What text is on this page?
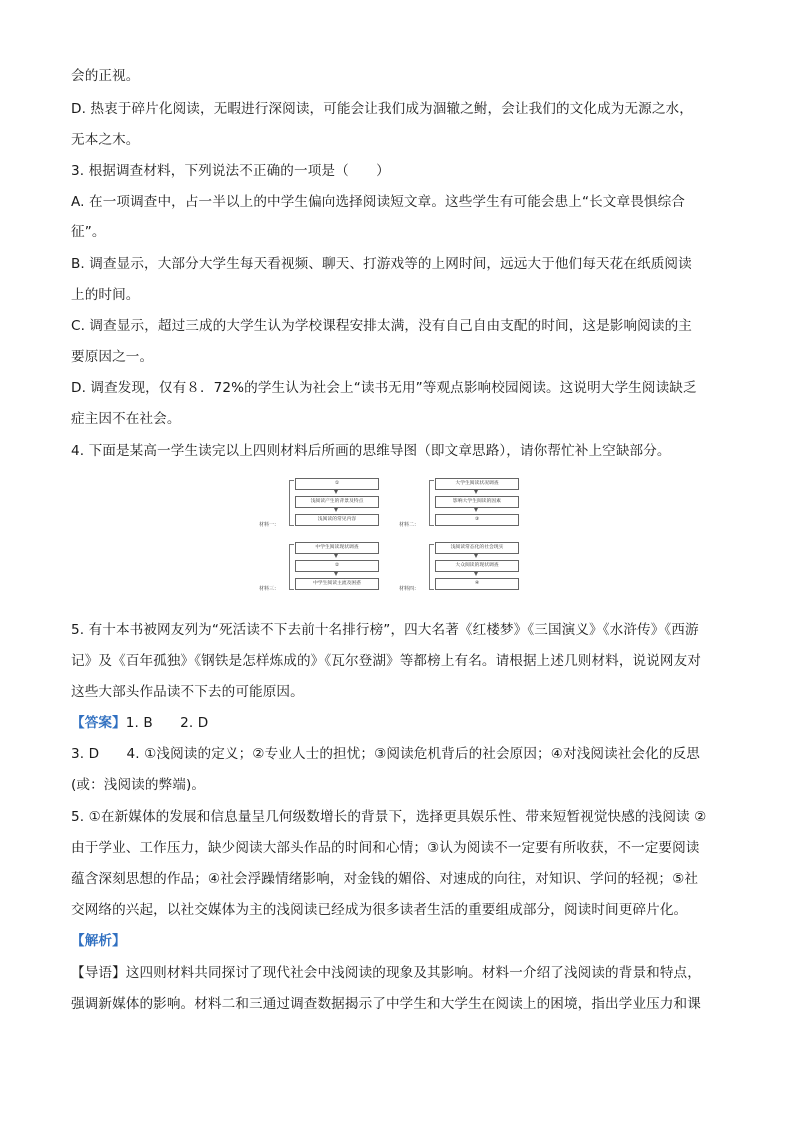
会的正视。
D. 热衷于碎片化阅读，无暇进行深阅读，可能会让我们成为涸辙之鲋，会让我们的文化成为无源之水，
无本之木。
3. 根据调查材料，下列说法不正确的一项是（　　）
A. 在一项调查中，占一半以上的中学生偏向选择阅读短文章。这些学生有可能会患上“长文章畏惧综合
征”。
B. 调查显示，大部分大学生每天看视频、聊天、打游戏等的上网时间，远远大于他们每天花在纸质阅读
上的时间。
C. 调查显示，超过三成的大学生认为学校课程安排太满，没有自己自由支配的时间，这是影响阅读的主
要原因之一。
D. 调查发现，仅有８．72%的学生认为社会上“读书无用”等观点影响校园阅读。这说明大学生阅读缺乏
症主因不在社会。
4. 下面是某高一学生读完以上四则材料后所画的思维导图（即文章思路），请你帮忙补上空缺部分。
①
浅阅读产生的背景及特点
浅阅读的常见内容
材料一：
中学生阅读现状调查
②
中学生阅读主流及困惑
材料三：
大学生阅读状况调查
影响大学生阅读的因素
③
材料二：
浅阅读常态化的社会现实
大众阅读的现状调查
④
材料四：
5. 有十本书被网友列为“死活读不下去前十名排行榜”，四大名著《红楼梦》《三国演义》《水浒传》《西游
记》及《百年孤独》《钢铁是怎样炼成的》《瓦尔登湖》等都榜上有名。请根据上述几则材料，说说网友对
这些大部头作品读不下去的可能原因。
【答案】1. B　　2. D
3. D　　4. ①浅阅读的定义；②专业人士的担忧；③阅读危机背后的社会原因；④对浅阅读社会化的反思
(或：浅阅读的弊端)。
5. ①在新媒体的发展和信息量呈几何级数增长的背景下，选择更具娱乐性、带来短暂视觉快感的浅阅读 ②
由于学业、工作压力，缺少阅读大部头作品的时间和心情；③认为阅读不一定要有所收获，不一定要阅读
蕴含深刻思想的作品；④社会浮躁情绪影响，对金钱的媚俗、对速成的向往，对知识、学问的轻视；⑤社
交网络的兴起，以社交媒体为主的浅阅读已经成为很多读者生活的重要组成部分，阅读时间更碎片化。
【解析】
【导语】这四则材料共同探讨了现代社会中浅阅读的现象及其影响。材料一介绍了浅阅读的背景和特点，
强调新媒体的影响。材料二和三通过调查数据揭示了中学生和大学生在阅读上的困境，指出学业压力和课
